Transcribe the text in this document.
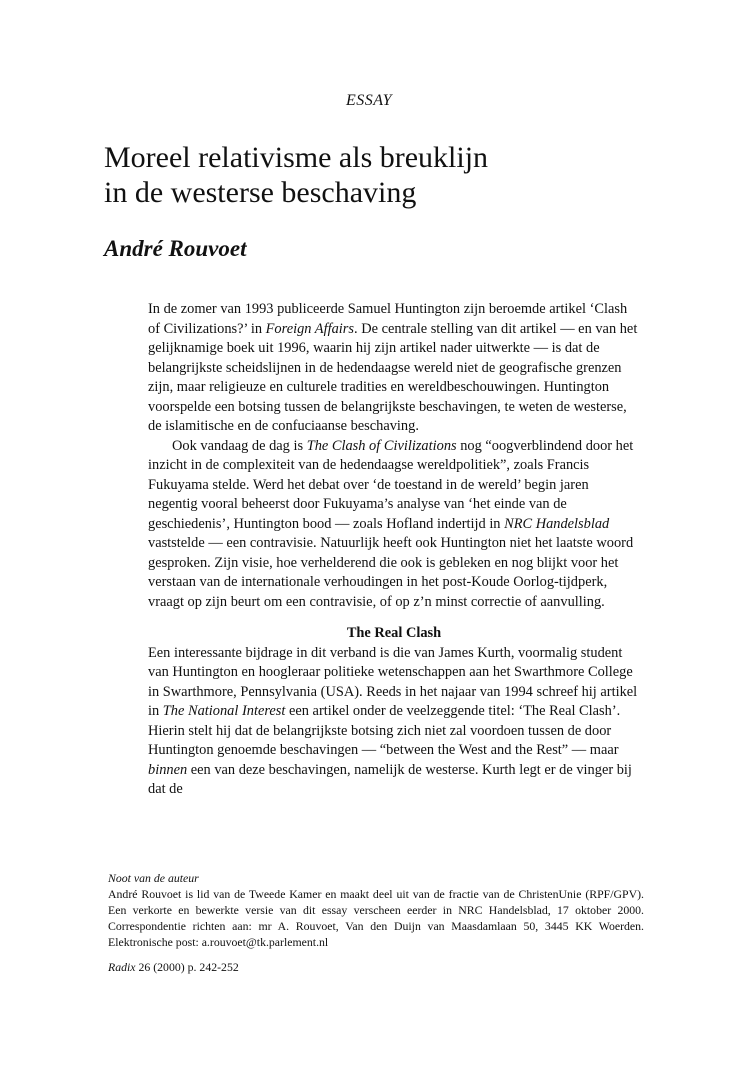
ESSAY
Moreel relativisme als breuklijn
in de westerse beschaving
André Rouvoet

In de zomer van 1993 publiceerde Samuel Huntington zijn beroemde artikel ‘Clash of Civilizations?’ in Foreign Affairs. De centrale stelling van dit artikel — en van het gelijknamige boek uit 1996, waarin hij zijn artikel nader uitwerkte — is dat de belangrijkste scheidslijnen in de hedendaagse wereld niet de geografische grenzen zijn, maar religieuze en culturele tradities en wereldbeschouwingen. Huntington voorspelde een botsing tussen de belangrijkste beschavingen, te weten de westerse, de islamitische en de confuciaanse beschaving.

Ook vandaag de dag is The Clash of Civilizations nog “oogverblindend door het inzicht in de complexiteit van de hedendaagse wereldpolitiek”, zoals Francis Fukuyama stelde. Werd het debat over ‘de toestand in de wereld’ begin jaren negentig vooral beheerst door Fukuyama’s analyse van ‘het einde van de geschiedenis’, Huntington bood — zoals Hofland indertijd in NRC Handelsblad vaststelde — een contravisie. Natuurlijk heeft ook Huntington niet het laatste woord gesproken. Zijn visie, hoe verhelderend die ook is gebleken en nog blijkt voor het verstaan van de internationale verhoudingen in het post-Koude Oorlog-tijdperk, vraagt op zijn beurt om een contravisie, of op z’n minst correctie of aanvulling.

The Real Clash

Een interessante bijdrage in dit verband is die van James Kurth, voormalig student van Huntington en hoogleraar politieke wetenschappen aan het Swarthmore College in Swarthmore, Pennsylvania (USA). Reeds in het najaar van 1994 schreef hij artikel in The National Interest een artikel onder de veelzeggende titel: ‘The Real Clash’. Hierin stelt hij dat de belangrijkste botsing zich niet zal voordoen tussen de door Huntington genoemde beschavingen — “between the West and the Rest” — maar binnen een van deze beschavingen, namelijk de westerse. Kurth legt er de vinger bij dat de

Noot van de auteur

André Rouvoet is lid van de Tweede Kamer en maakt deel uit van de fractie van de ChristenUnie (RPF/GPV). Een verkorte en bewerkte versie van dit essay verscheen eerder in NRC Handelsblad, 17 oktober 2000. Correspondentie richten aan: mr A. Rouvoet, Van den Duijn van Maasdamlaan 50, 3445 KK Woerden. Elektronische post: a.rouvoet@tk.parlement.nl

Radix 26 (2000) p. 242-252
